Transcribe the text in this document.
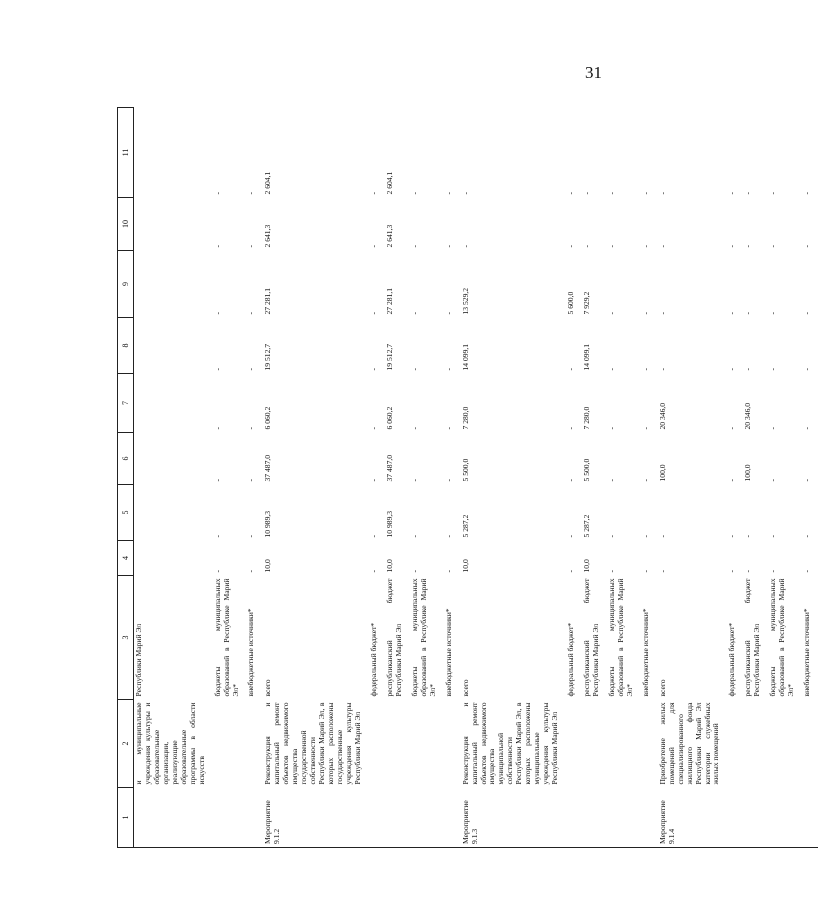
31
1	2	3	4	5	6	7	8	9	10	11
	и муниципальные учреждения культуры и образовательные организации, реализующие образовательные программы в области искусств	Республики Марий Эл								
		бюджеты муниципальных образований в Республике Марий Эл*	-	-	-	-	-	-	-	-
		внебюджетные источники*	-	-	-	-	-	-	-	-
Мероприятие 9.1.2	Реконструкция и капитальный ремонт объектов недвижимого имущества государственной собственности Республики Марий Эл, в которых расположены государственные учреждения культуры Республики Марий Эл	всего	10,0	10 989,3	37 487,0	6 060,2	19 512,7	27 281,1	2 641,3	2 604,1
		федеральный бюджет*	-	-	-	-	-	-	-	-
		республиканский бюджет Республики Марий Эл	10,0	10 989,3	37 487,0	6 060,2	19 512,7	27 281,1	2 641,3	2 604,1
		бюджеты муниципальных образований в Республике Марий Эл*	-	-	-	-	-	-	-	-
		внебюджетные источники*	-	-	-	-	-	-	-	-
Мероприятие 9.1.3	Реконструкция и капитальный ремонт объектов недвижимого имущества муниципальной собственности Республики Марий Эл, в которых расположены муниципальные учреждения культуры Республики Марий Эл	всего	10,0	5 287,2	5 500,0	7 280,0	14 099,1	13 529,2	-	-
		федеральный бюджет*	-	-	-	-	-	5 600,0	-	-
		республиканский бюджет Республики Марий Эл	10,0	5 287,2	5 500,0	7 280,0	14 099,1	7 929,2	-	-
		бюджеты муниципальных образований в Республике Марий Эл*	-	-	-	-	-	-	-	-
		внебюджетные источники*	-	-	-	-	-	-	-	-
Мероприятие 9.1.4	Приобретение жилых помещений для специализированного жилищного фонда Республики Марий Эл категории служебных жилых помещений	всего	-	-	100,0	20 346,0	-	-	-	-
		федеральный бюджет*	-	-	-	-	-	-	-	-
		республиканский бюджет Республики Марий Эл	-	-	100,0	20 346,0	-	-	-	-
		бюджеты муниципальных образований в Республике Марий Эл*	-	-	-	-	-	-	-	-
		внебюджетные источники*	-	-	-	-	-	-	-	-
